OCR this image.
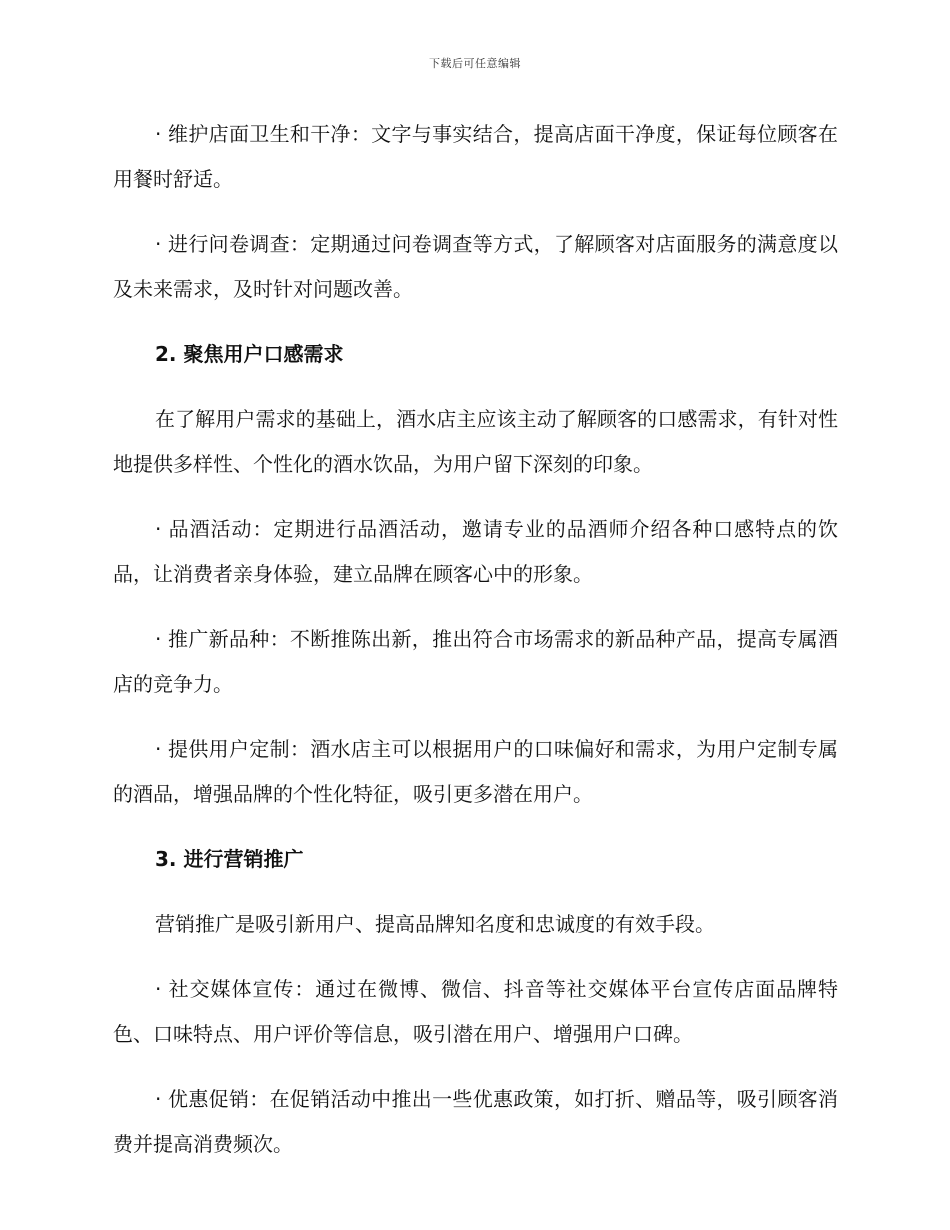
下载后可任意编辑

· 维护店面卫生和干净：文字与事实结合，提高店面干净度，保证每位顾客在用餐时舒适。

· 进行问卷调查：定期通过问卷调查等方式，了解顾客对店面服务的满意度以及未来需求，及时针对问题改善。

2. 聚焦用户口感需求

在了解用户需求的基础上，酒水店主应该主动了解顾客的口感需求，有针对性地提供多样性、个性化的酒水饮品，为用户留下深刻的印象。

· 品酒活动：定期进行品酒活动，邀请专业的品酒师介绍各种口感特点的饮品，让消费者亲身体验，建立品牌在顾客心中的形象。

· 推广新品种：不断推陈出新，推出符合市场需求的新品种产品，提高专属酒店的竞争力。

· 提供用户定制：酒水店主可以根据用户的口味偏好和需求，为用户定制专属的酒品，增强品牌的个性化特征，吸引更多潜在用户。

3. 进行营销推广

营销推广是吸引新用户、提高品牌知名度和忠诚度的有效手段。

· 社交媒体宣传：通过在微博、微信、抖音等社交媒体平台宣传店面品牌特色、口味特点、用户评价等信息，吸引潜在用户、增强用户口碑。

· 优惠促销：在促销活动中推出一些优惠政策，如打折、赠品等，吸引顾客消费并提高消费频次。
